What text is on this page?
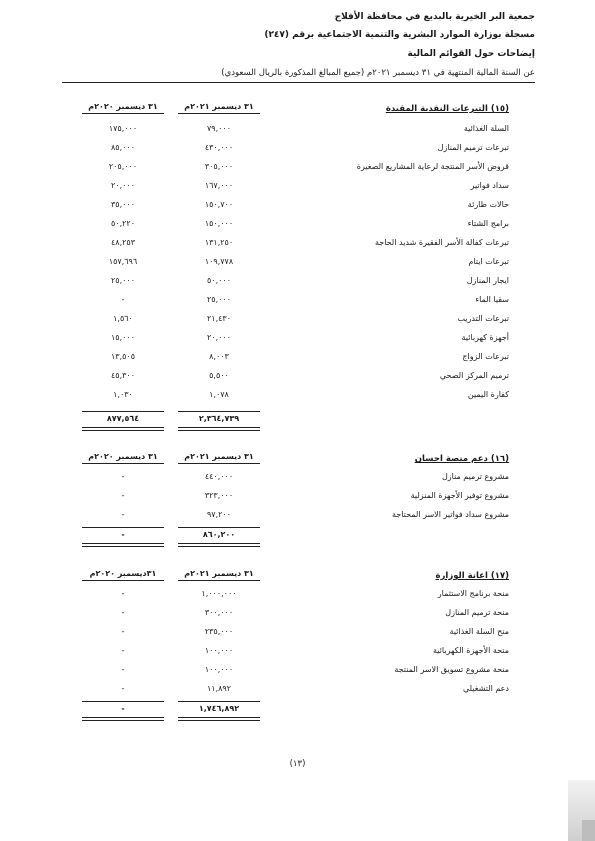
جمعية البر الخيرية بالبديع في محافظة الأفلاج
مسجلة بوزارة الموارد البشرية والتنمية الاجتماعية برقم (٢٤٧)
إيضاحات حول القوائم المالية
عن السنة المالية المنتهية في ٣١ ديسمبر ٢٠٢١م (جميع المبالغ المذكورة بالريال السعودي)
(١٥) التبرعات النقدية المقيدة
٣١ ديسمبر ٢٠٢١م
٣١ ديسمبر ٢٠٢٠م
السلة الغذائية
٧٩,٠٠٠
١٧٥,٠٠٠
تبرعات ترميم المنازل
٤٣٠,٠٠٠
٨٥,٠٠٠
قروض الأسر المنتجة لرعاية المشاريع الصغيرة
٣٠٥,٠٠٠
٢٠٥,٠٠٠
سداد فواتير
١٦٧,٠٠٠
٢٠,٠٠٠
حالات طارئة
١٥٠,٧٠٠
٣٥,٠٠٠
برامج الشتاء
١٥٠,٠٠٠
٥٠,٢٢٠
تبرعات كفالة الأسر الفقيرة شديد الحاجة
١٣١,٢٥٠
٤٨,٢٥٣
تبرعات ايتام
١٠٩,٧٧٨
١٥٧,٦٩٦
ايجار المنازل
٥٠,٠٠٠
٢٥,٠٠٠
سقيا الماء
٢٥,٠٠٠
-
تبرعات التدريب
٢١,٤٣٠
١,٥٦٠
أجهزة كهربائية
٢٠,٠٠٠
١٥,٠٠٠
تبرعات الزواج
٨,٠٠٣
١٣,٥٠٥
ترميم المركز الصحي
٥,٥٠٠
٤٥,٣٠٠
كفارة اليمين
١,٠٧٨
١,٠٣٠
٢,٣٦٤,٧٣٩
٨٧٧,٥٦٤
(١٦) دعم منصة احسان
٣١ ديسمبر ٢٠٢١م
٣١ ديسمبر ٢٠٢٠م
مشروع ترميم منازل
٤٤٠,٠٠٠
-
مشروع توفير الأجهزة المنزلية
٣٢٣,٠٠٠
-
مشروع سداد فواتير الاسر المحتاجة
٩٧,٢٠٠
-
٨٦٠,٢٠٠
-
(١٧) اعانة الوزارة
٣١ ديسمبر ٢٠٢١م
٣١ديسمبر ٢٠٢٠م
منحة برنامج الاستثمار
١,٠٠٠,٠٠٠
-
منحة ترميم المنازل
٣٠٠,٠٠٠
-
منح السلة الغذائية
٢٣٥,٠٠٠
-
منحة الأجهزة الكهربائية
١٠٠,٠٠٠
-
منحة مشروع تسويق الاسر المنتجة
١٠٠,٠٠٠
-
دعم التشغيلي
١١,٨٩٢
-
١,٧٤٦,٨٩٢
-
(١٣)
